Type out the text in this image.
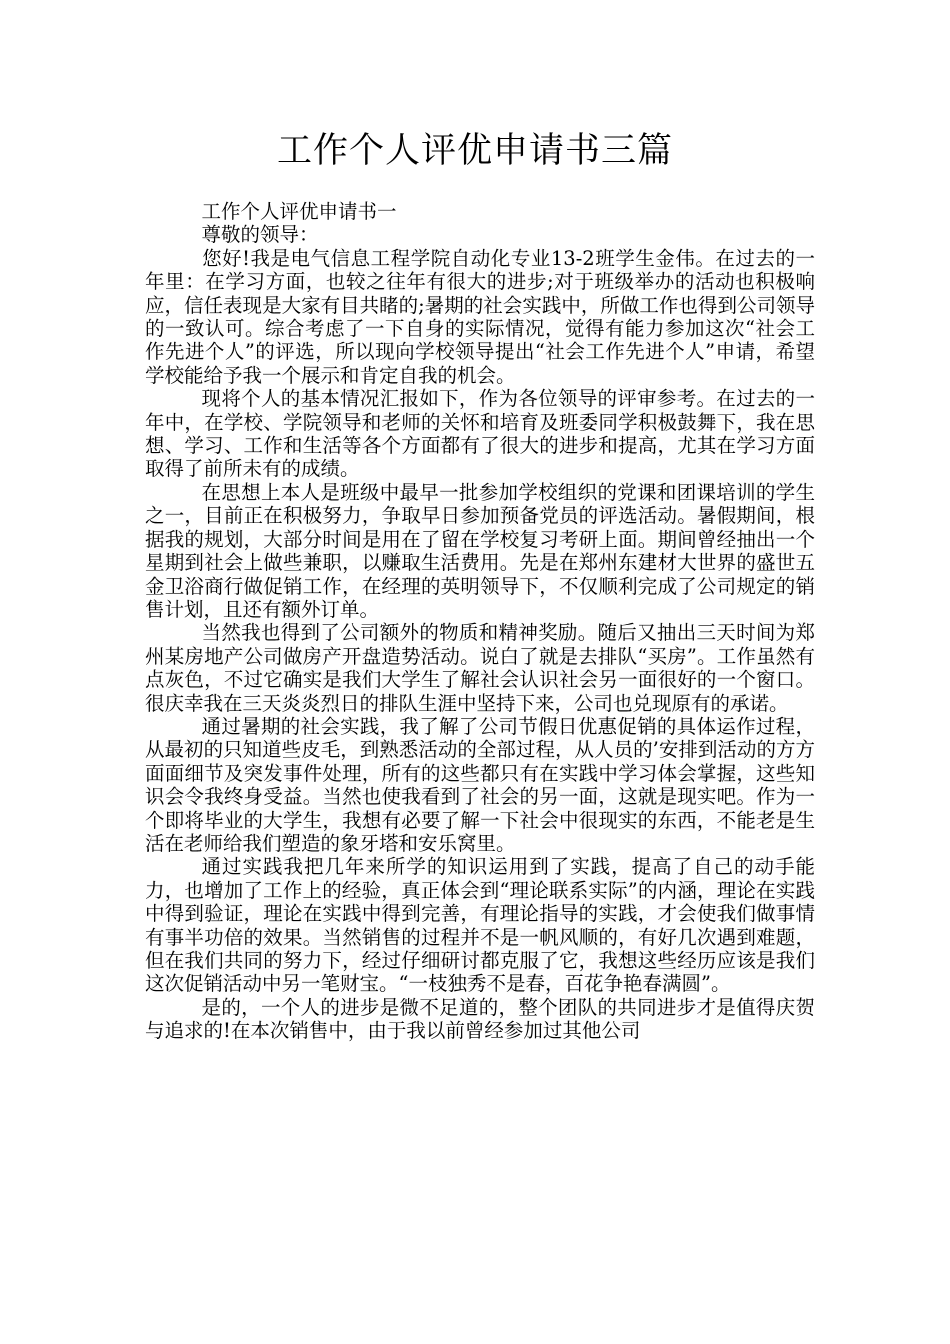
工作个人评优申请书三篇

工作个人评优申请书一

尊敬的领导：

您好!我是电气信息工程学院自动化专业13-2班学生金伟。在过去的一年里：在学习方面，也较之往年有很大的进步;对于班级举办的活动也积极响应，信任表现是大家有目共睹的;暑期的社会实践中，所做工作也得到公司领导的一致认可。综合考虑了一下自身的实际情况，觉得有能力参加这次“社会工作先进个人”的评选，所以现向学校领导提出“社会工作先进个人”申请，希望学校能给予我一个展示和肯定自我的机会。

现将个人的基本情况汇报如下，作为各位领导的评审参考。在过去的一年中，在学校、学院领导和老师的关怀和培育及班委同学积极鼓舞下，我在思想、学习、工作和生活等各个方面都有了很大的进步和提高，尤其在学习方面取得了前所未有的成绩。

在思想上本人是班级中最早一批参加学校组织的党课和团课培训的学生之一，目前正在积极努力，争取早日参加预备党员的评选活动。暑假期间，根据我的规划，大部分时间是用在了留在学校复习考研上面。期间曾经抽出一个星期到社会上做些兼职，以赚取生活费用。先是在郑州东建材大世界的盛世五金卫浴商行做促销工作，在经理的英明领导下，不仅顺利完成了公司规定的销售计划，且还有额外订单。

当然我也得到了公司额外的物质和精神奖励。随后又抽出三天时间为郑州某房地产公司做房产开盘造势活动。说白了就是去排队“买房”。工作虽然有点灰色，不过它确实是我们大学生了解社会认识社会另一面很好的一个窗口。很庆幸我在三天炎炎烈日的排队生涯中坚持下来，公司也兑现原有的承诺。

通过暑期的社会实践，我了解了公司节假日优惠促销的具体运作过程，从最初的只知道些皮毛，到熟悉活动的全部过程，从人员的’安排到活动的方方面面细节及突发事件处理，所有的这些都只有在实践中学习体会掌握，这些知识会令我终身受益。当然也使我看到了社会的另一面，这就是现实吧。作为一个即将毕业的大学生，我想有必要了解一下社会中很现实的东西，不能老是生活在老师给我们塑造的象牙塔和安乐窝里。

通过实践我把几年来所学的知识运用到了实践，提高了自己的动手能力，也增加了工作上的经验，真正体会到“理论联系实际”的内涵，理论在实践中得到验证，理论在实践中得到完善，有理论指导的实践，才会使我们做事情有事半功倍的效果。当然销售的过程并不是一帆风顺的，有好几次遇到难题，但在我们共同的努力下，经过仔细研讨都克服了它，我想这些经历应该是我们这次促销活动中另一笔财宝。“一枝独秀不是春，百花争艳春满圆”。

是的，一个人的进步是微不足道的，整个团队的共同进步才是值得庆贺与追求的!在本次销售中，由于我以前曾经参加过其他公司
